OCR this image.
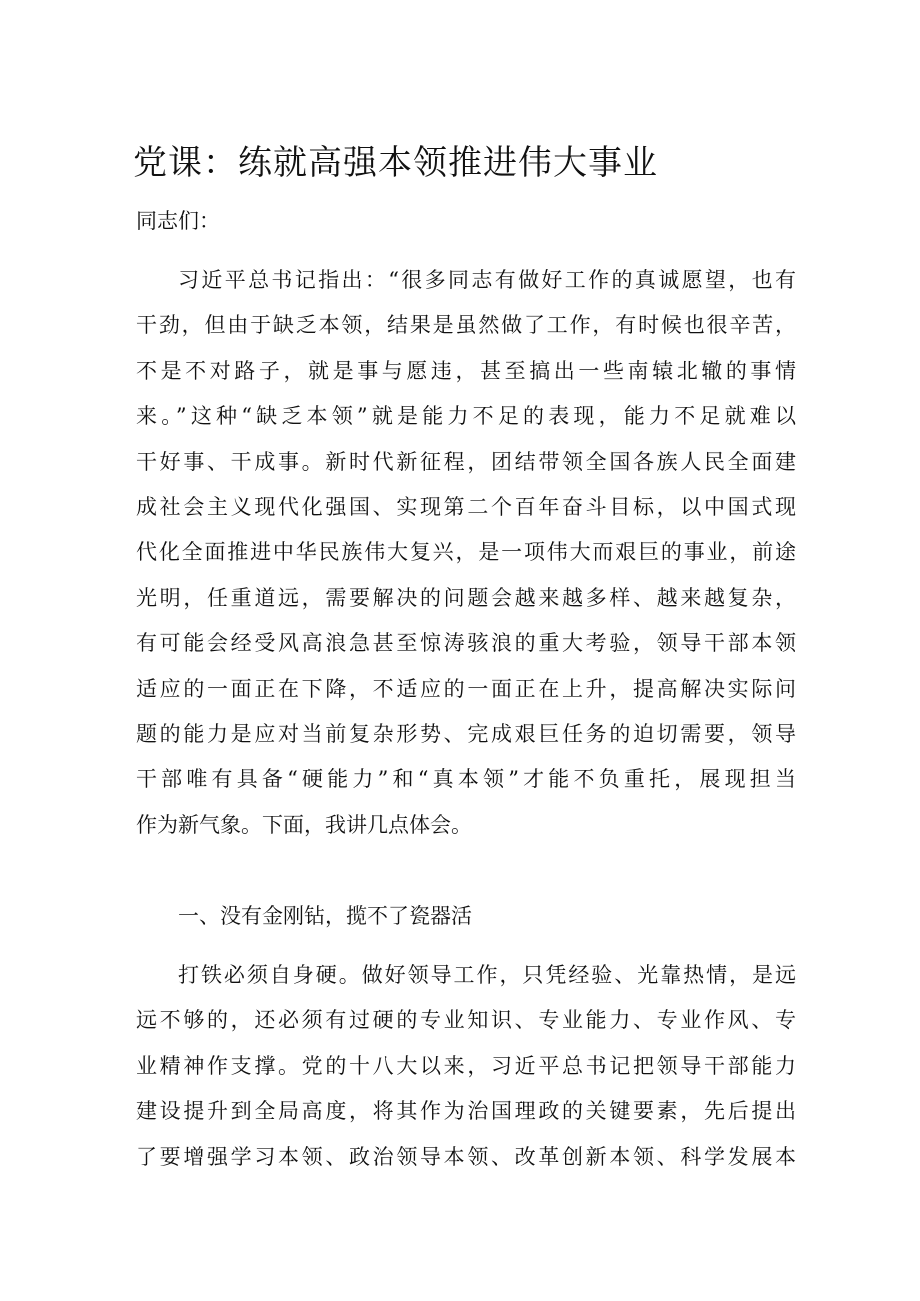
党课：练就高强本领推进伟大事业
同志们：
习近平总书记指出：“很多同志有做好工作的真诚愿望，也有
干劲，但由于缺乏本领，结果是虽然做了工作，有时候也很辛苦，
不是不对路子，就是事与愿违，甚至搞出一些南辕北辙的事情
来。”这种“缺乏本领”就是能力不足的表现，能力不足就难以
干好事、干成事。新时代新征程，团结带领全国各族人民全面建
成社会主义现代化强国、实现第二个百年奋斗目标，以中国式现
代化全面推进中华民族伟大复兴，是一项伟大而艰巨的事业，前途
光明，任重道远，需要解决的问题会越来越多样、越来越复杂，
有可能会经受风高浪急甚至惊涛骇浪的重大考验，领导干部本领
适应的一面正在下降，不适应的一面正在上升，提高解决实际问
题的能力是应对当前复杂形势、完成艰巨任务的迫切需要，领导
干部唯有具备“硬能力”和“真本领”才能不负重托，展现担当
作为新气象。下面，我讲几点体会。
一、没有金刚钻，揽不了瓷器活
打铁必须自身硬。做好领导工作，只凭经验、光靠热情，是远
远不够的，还必须有过硬的专业知识、专业能力、专业作风、专
业精神作支撑。党的十八大以来，习近平总书记把领导干部能力
建设提升到全局高度，将其作为治国理政的关键要素，先后提出
了要增强学习本领、政治领导本领、改革创新本领、科学发展本
